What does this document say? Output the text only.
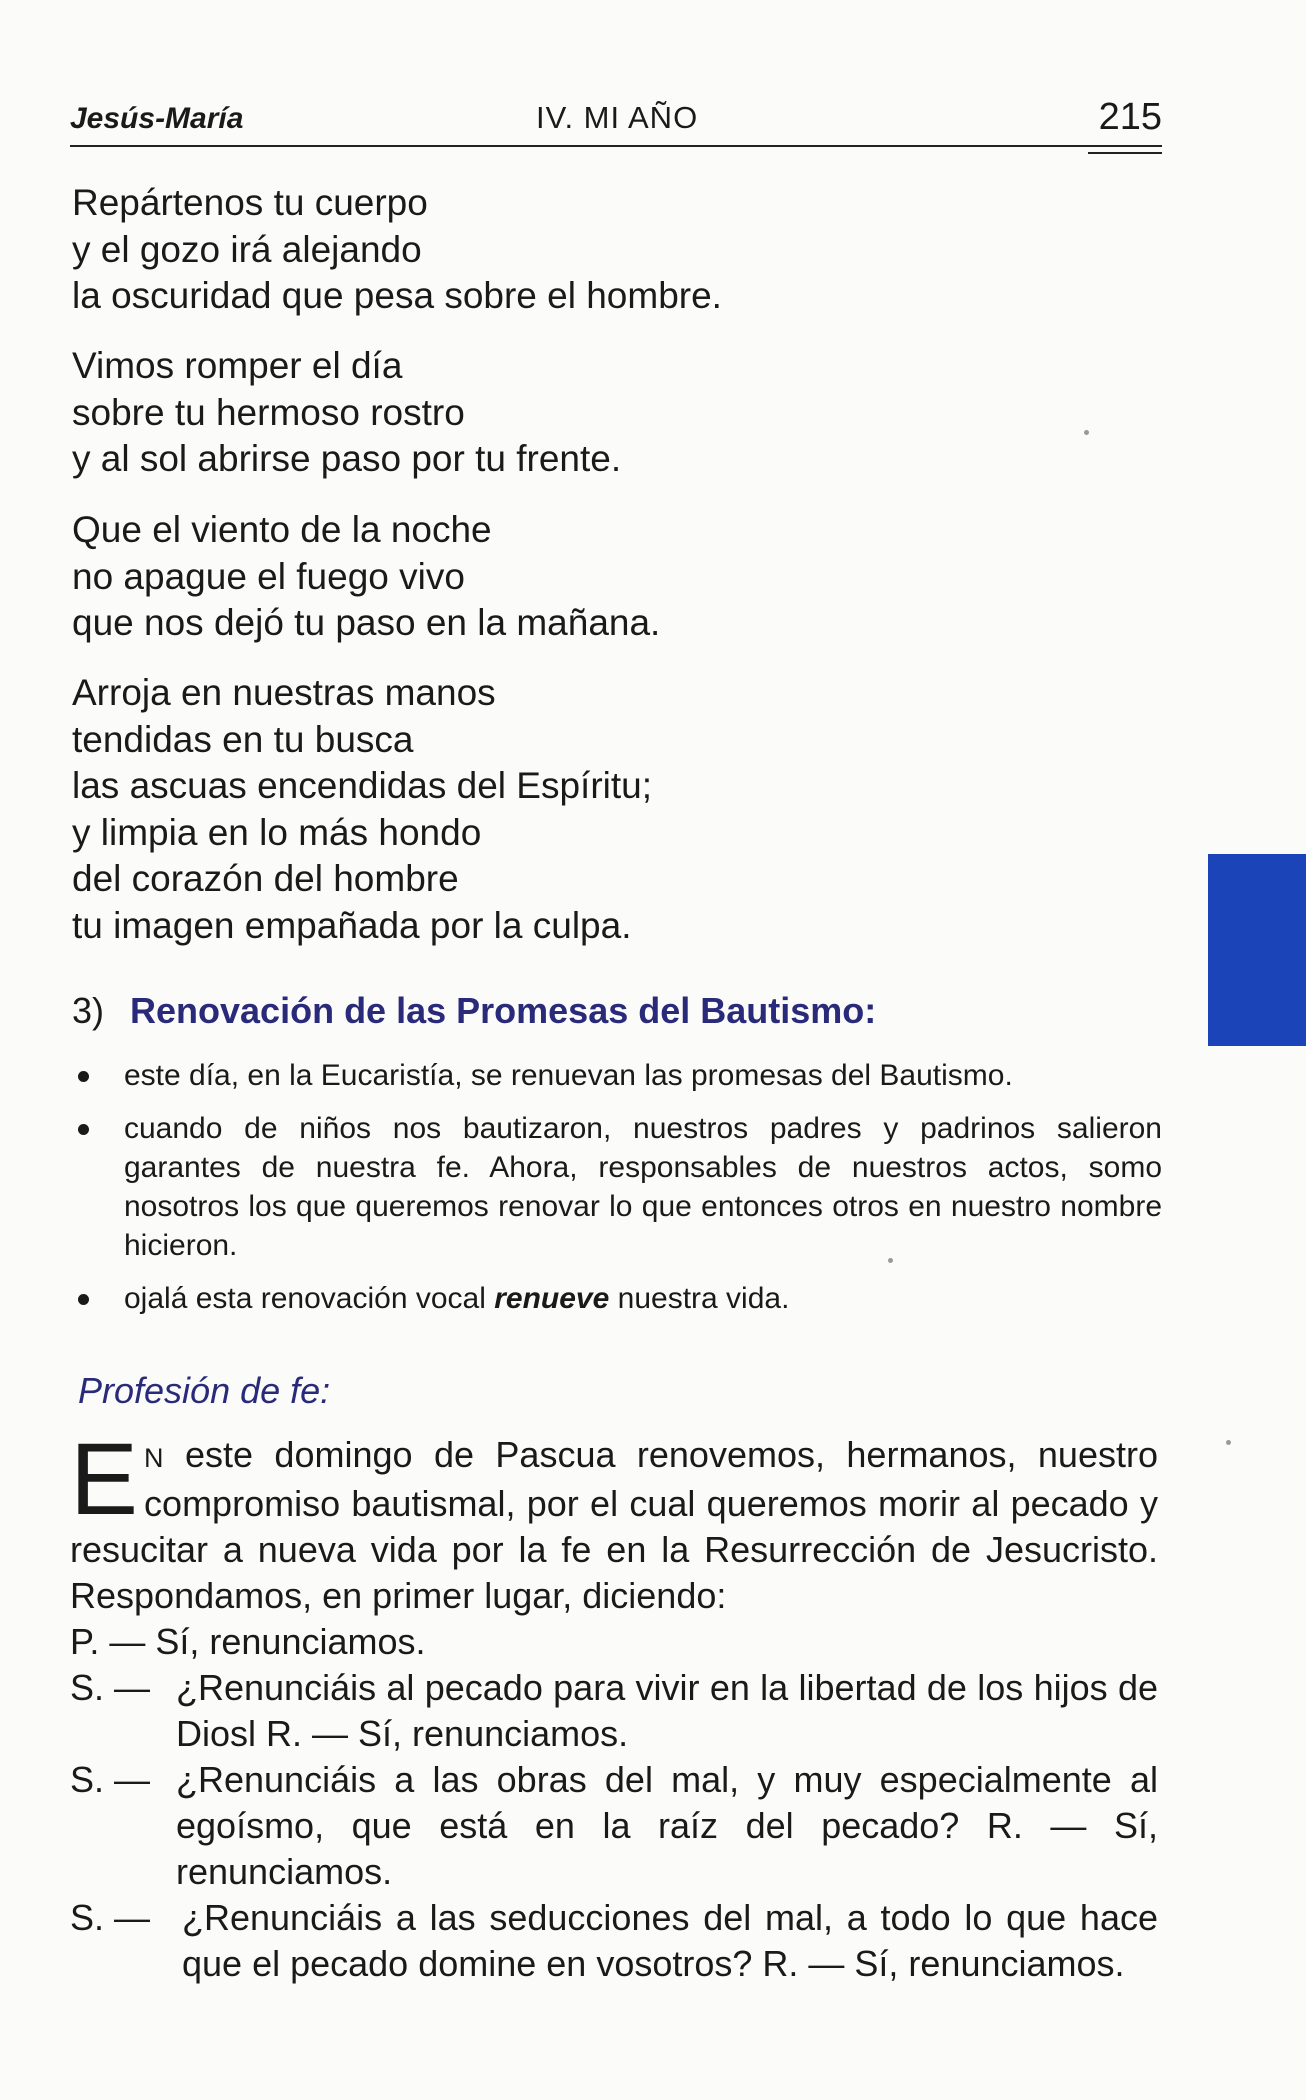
Jesús-María	IV. MI AÑO	215
Repártenos tu cuerpo
y el gozo irá alejando
la oscuridad que pesa sobre el hombre.
Vimos romper el día
sobre tu hermoso rostro
y al sol abrirse paso por tu frente.
Que el viento de la noche
no apague el fuego vivo
que nos dejó tu paso en la mañana.
Arroja en nuestras manos
tendidas en tu busca
las ascuas encendidas del Espíritu;
y limpia en lo más hondo
del corazón del hombre
tu imagen empañada por la culpa.
3) Renovación de las Promesas del Bautismo:
este día, en la Eucaristía, se renuevan las promesas del Bautismo.
cuando de niños nos bautizaron, nuestros padres y padrinos salieron garantes de nuestra fe. Ahora, responsables de nuestros actos, somo nosotros los que queremos renovar lo que entonces otros en nuestro nombre hicieron.
ojalá esta renovación vocal renueve nuestra vida.
Profesión de fe:

E N este domingo de Pascua renovemos, hermanos, nuestro compromiso bautismal, por el cual queremos morir al pecado y resucitar a nueva vida por la fe en la Resurrección de Jesucristo. Respondamos, en primer lugar, diciendo:

P. — Sí, renunciamos.

S. — ¿Renunciáis al pecado para vivir en la libertad de los hijos de Diosl R. — Sí, renunciamos.
S. — ¿Renunciáis a las obras del mal, y muy especialmente al egoísmo, que está en la raíz del pecado? R. — Sí, renunciamos.
S. — ¿Renunciáis a las seducciones del mal, a todo lo que hace que el pecado domine en vosotros? R. — Sí, renunciamos.
